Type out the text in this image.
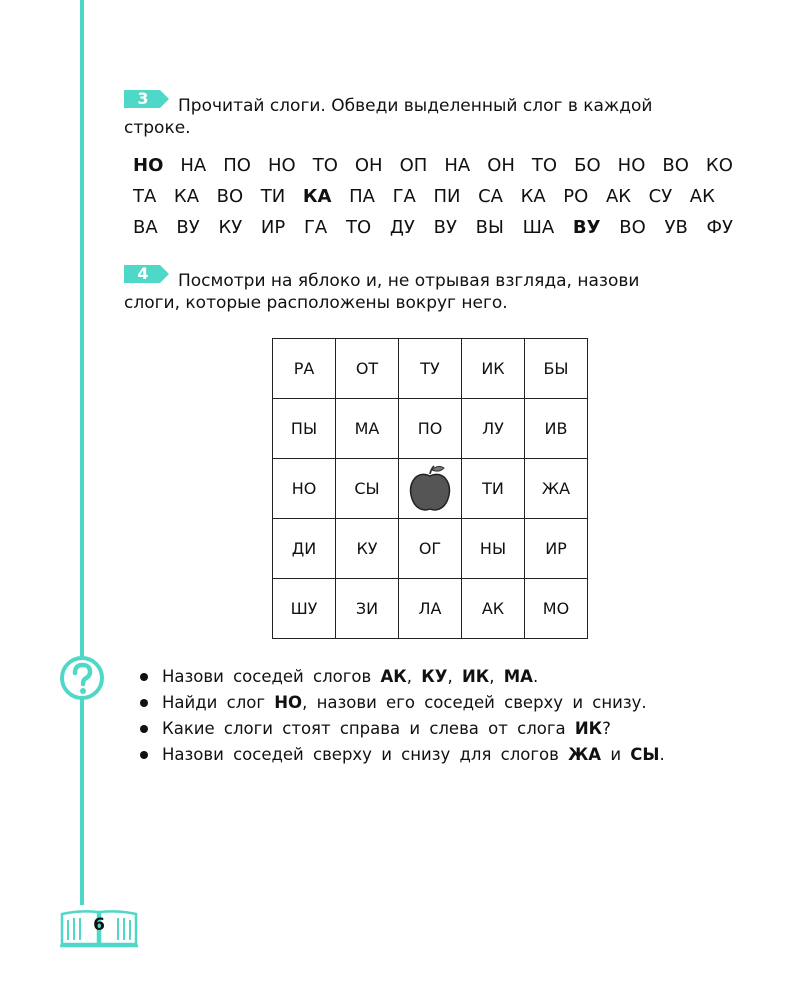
3	Прочитай слоги. Обведи выделенный слог в каждой
строке.
НО НА ПО НО ТО ОН ОП НА ОН ТО БО НО ВО КО
ТА КА ВО ТИ КА ПА ГА ПИ СА КА РО АК СУ АК
ВА ВУ КУ ИР ГА ТО ДУ ВУ ВЫ ША ВУ ВО УВ ФУ
4	Посмотри на яблоко и, не отрывая взгляда, назови
слоги, которые расположены вокруг него.
РА	ОТ	ТУ	ИК	БЫ
ПЫ	МА	ПО	ЛУ	ИВ
НО	СЫ		ТИ	ЖА
ДИ	КУ	ОГ	НЫ	ИР
ШУ	ЗИ	ЛА	АК	МО
Назови соседей слогов АК, КУ, ИК, МА.
Найди слог НО, назови его соседей сверху и снизу.
Какие слоги стоят справа и слева от слога ИК?
Назови соседей сверху и снизу для слогов ЖА и СЫ.
6
